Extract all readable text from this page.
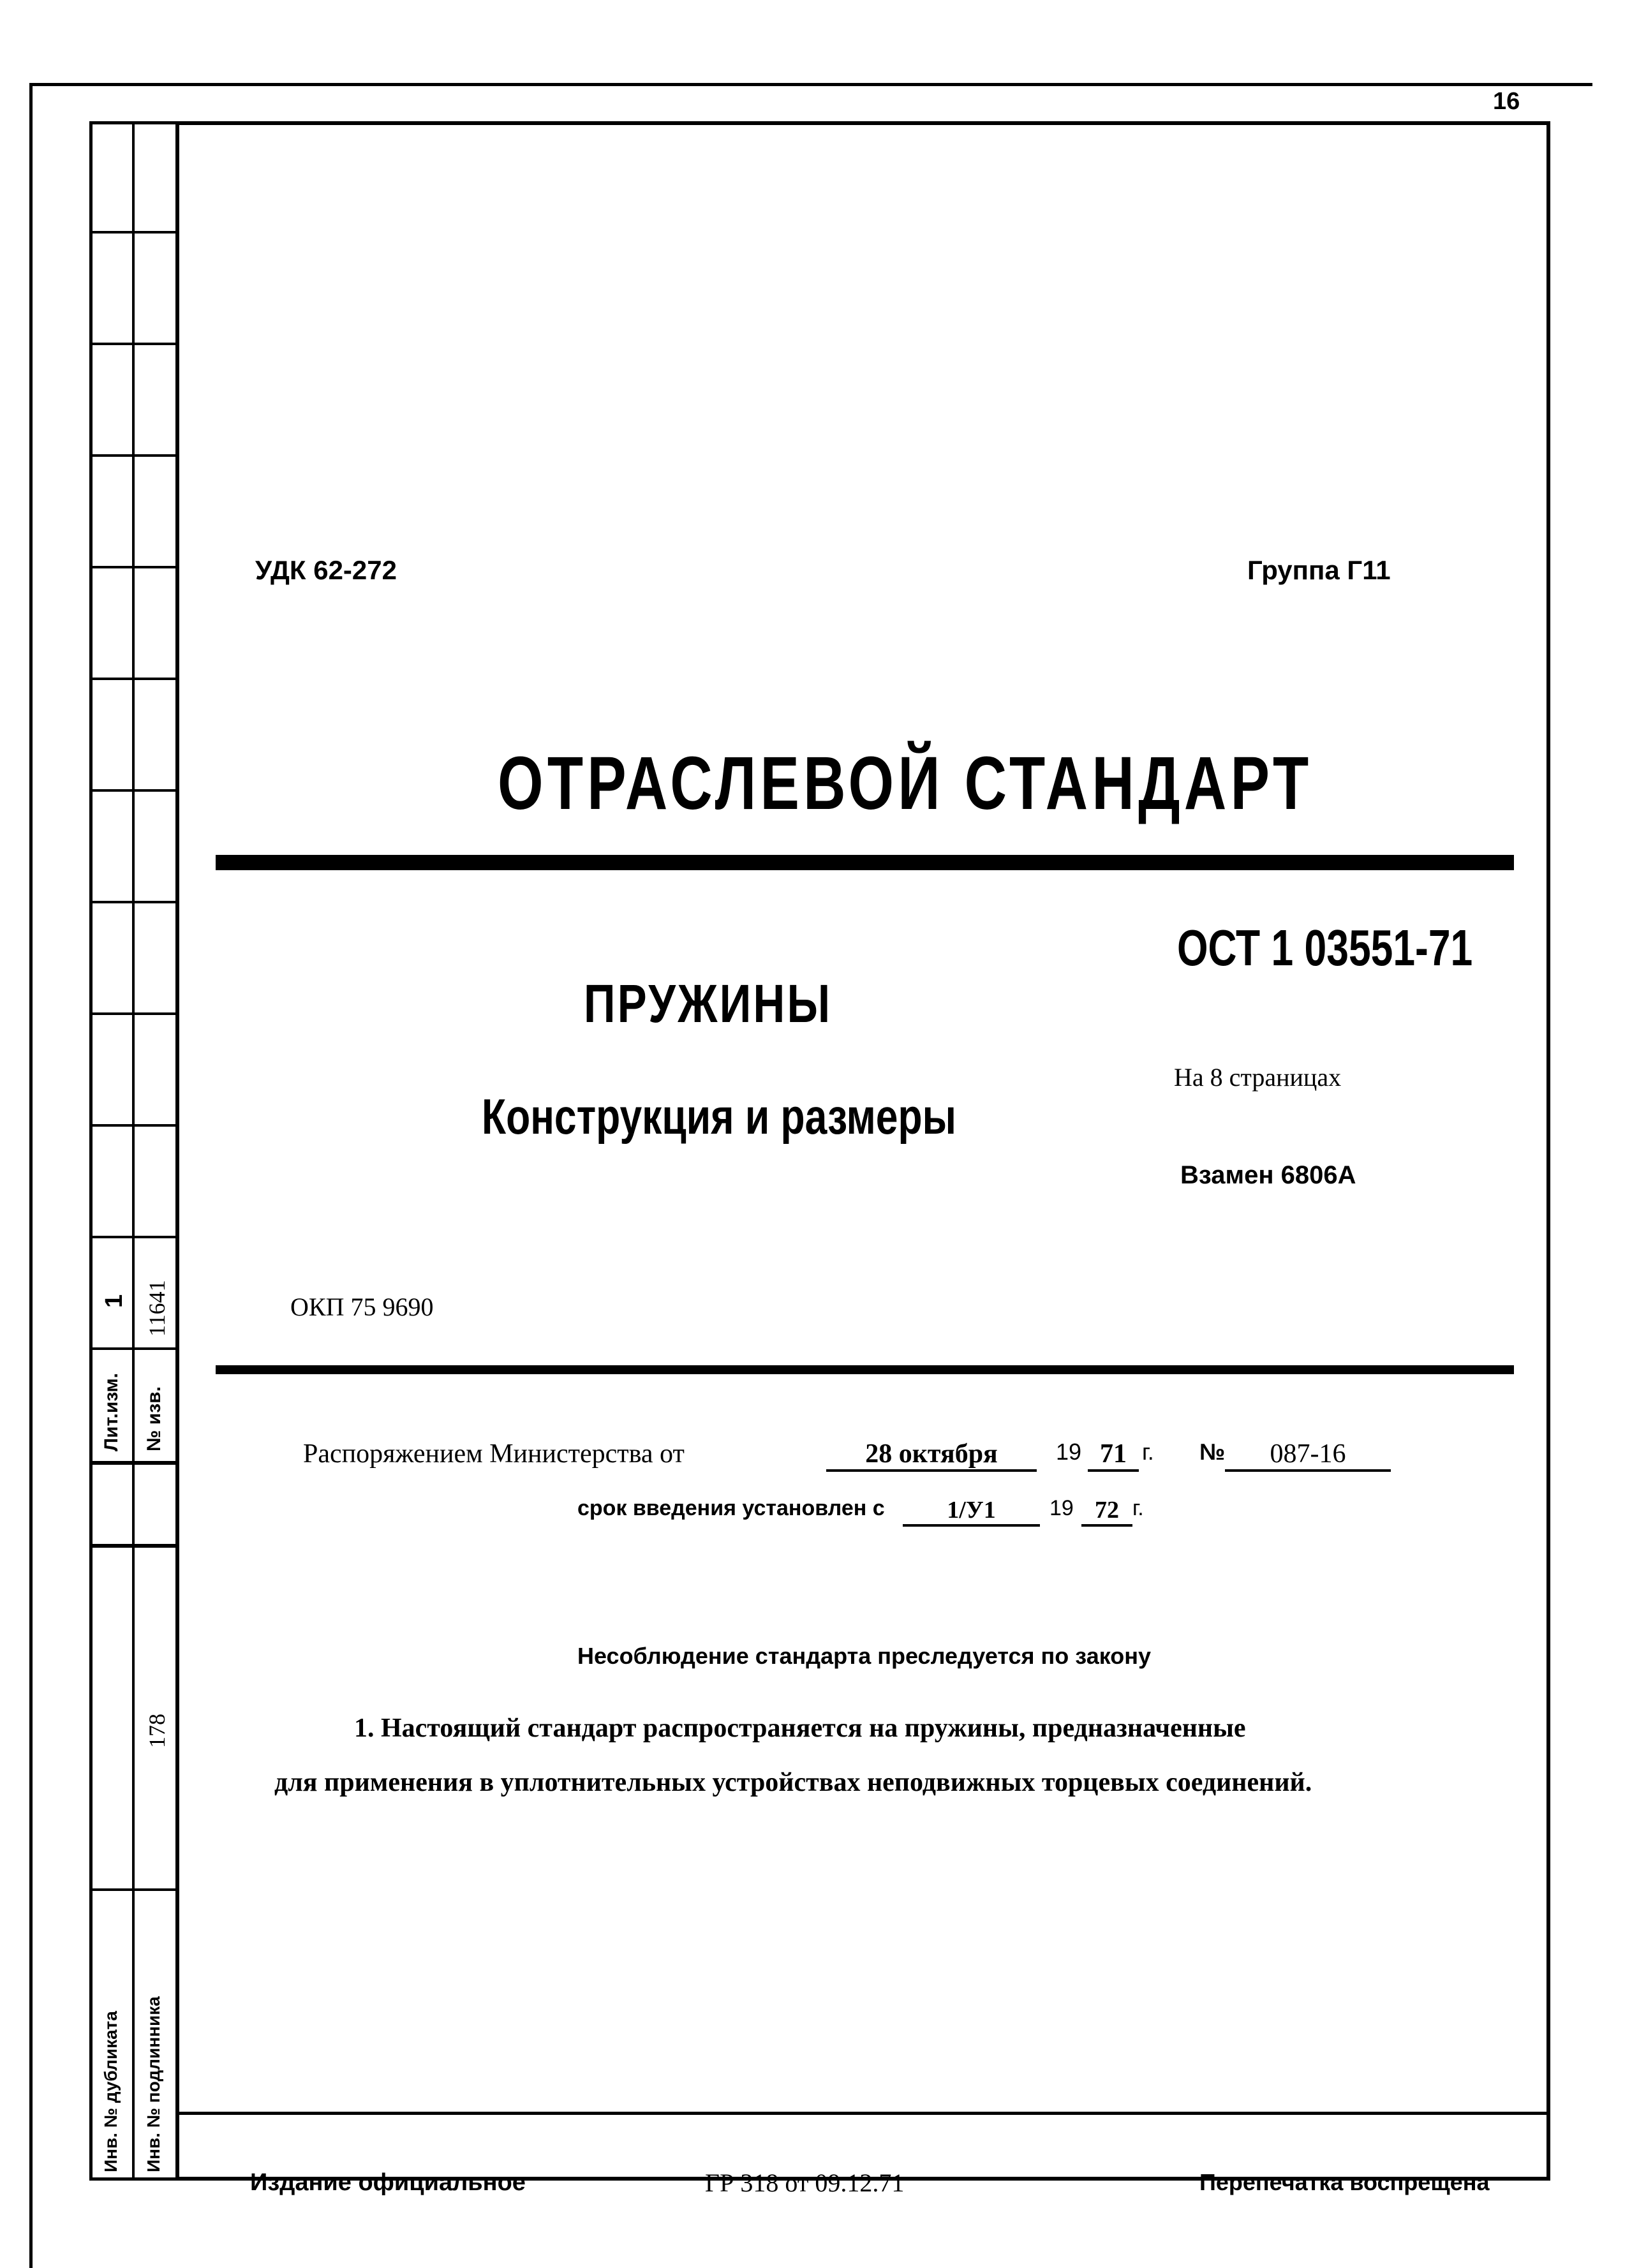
1 11641
Лит.изм. № изв.
178
Инв. № дубликата Инв. № подлинника
16
УДК 62-272	Группа Г11
ОТРАСЛЕВОЙ СТАНДАРТ
ОСТ 1 03551-71
ПРУЖИНЫ
На 8 страницах
Конструкция и размеры
Взамен 6806А
ОКП 75 9690
Распоряжением Министерства от	28 октября	19 71 г. №	087-16
срок введения установлен с	1/У1	19 72 г.
Несоблюдение стандарта преследуется по закону
1. Настоящий стандарт распространяется на пружины, предназначенные
для применения в уплотнительных устройствах неподвижных торцевых соединений.
Издание официальное	ГР 318 от 09.12.71	Перепечатка воспрещена
